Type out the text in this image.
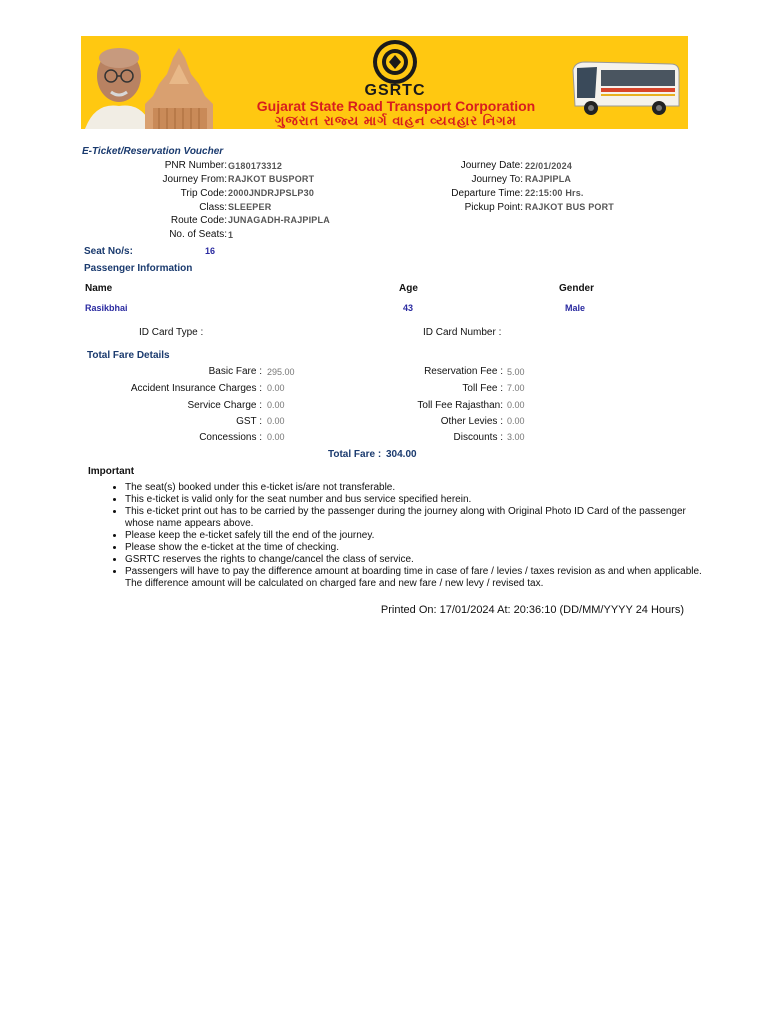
GSRTC
Gujarat State Road Transport Corporation
ગુજરાત રાજ્ય માર્ગ વાહન વ્યવહાર નિગમ
E-Ticket/Reservation Voucher
PNR Number: G180173312
Journey From: RAJKOT BUSPORT
Trip Code: 2000JNDRJPSLP30
Class: SLEEPER
Route Code: JUNAGADH-RAJPIPLA
No. of Seats: 1
Journey Date: 22/01/2024
Journey To: RAJPIPLA
Departure Time: 22:15:00 Hrs.
Pickup Point: RAJKOT BUS PORT
Seat No/s:	16
Passenger Information
Name	Age	Gender
Rasikbhai	43	Male
ID Card Type :	ID Card Number :
Total Fare Details
Basic Fare : 295.00
Accident Insurance Charges : 0.00
Service Charge : 0.00
GST : 0.00
Concessions : 0.00
Reservation Fee : 5.00
Toll Fee : 7.00
Toll Fee Rajasthan: 0.00
Other Levies : 0.00
Discounts : 3.00
Total Fare : 304.00
Important
• The seat(s) booked under this e-ticket is/are not transferable.
• This e-ticket is valid only for the seat number and bus service specified herein.
• This e-ticket print out has to be carried by the passenger during the journey along with Original Photo ID Card of the passenger whose name appears above.
• Please keep the e-ticket safely till the end of the journey.
• Please show the e-ticket at the time of checking.
• GSRTC reserves the rights to change/cancel the class of service.
• Passengers will have to pay the difference amount at boarding time in case of fare / levies / taxes revision as and when applicable. The difference amount will be calculated on charged fare and new fare / new levy / revised tax.
Printed On: 17/01/2024 At: 20:36:10 (DD/MM/YYYY 24 Hours)
